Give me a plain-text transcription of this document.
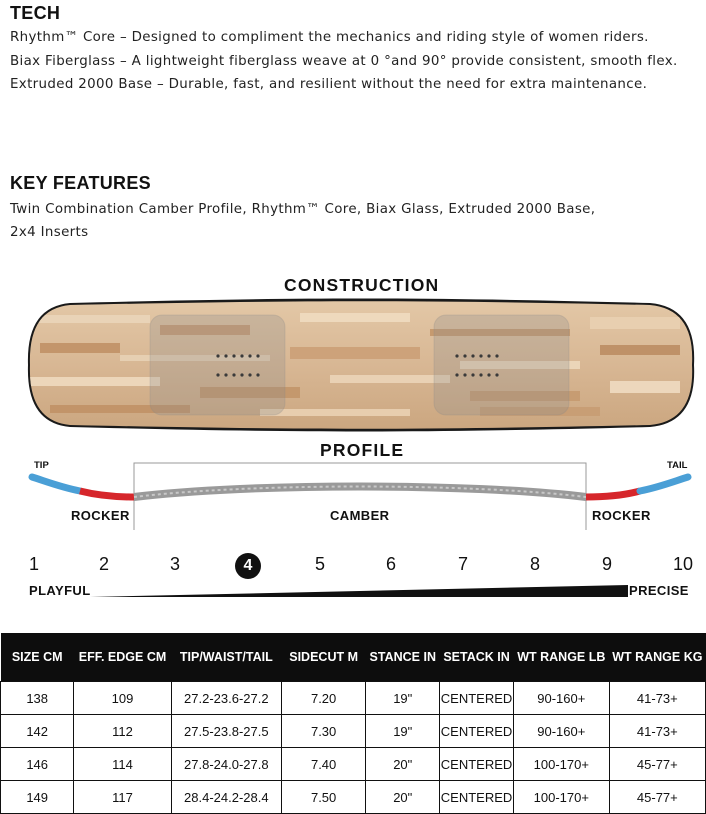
TECH
Rhythm™ Core – Designed to compliment the mechanics and riding style of women riders.
Biax Fiberglass – A lightweight fiberglass weave at 0 °and 90° provide consistent, smooth flex.
Extruded 2000 Base – Durable, fast, and resilient without the need for extra maintenance.
KEY FEATURES
Twin Combination Camber Profile, Rhythm™ Core, Biax Glass, Extruded 2000 Base,
2x4 Inserts
CONSTRUCTION
PROFILE
TIP	TAIL
ROCKER	CAMBER	ROCKER
1	2	3	4	5	6	7	8	9	10
PLAYFUL	PRECISE
SIZE CM	EFF. EDGE CM	TIP/WAIST/TAIL	SIDECUT M	STANCE IN	SETACK IN	WT RANGE LB	WT RANGE KG
138	109	27.2-23.6-27.2	7.20	19"	CENTERED	90-160+	41-73+
142	112	27.5-23.8-27.5	7.30	19"	CENTERED	90-160+	41-73+
146	114	27.8-24.0-27.8	7.40	20"	CENTERED	100-170+	45-77+
149	117	28.4-24.2-28.4	7.50	20"	CENTERED	100-170+	45-77+
